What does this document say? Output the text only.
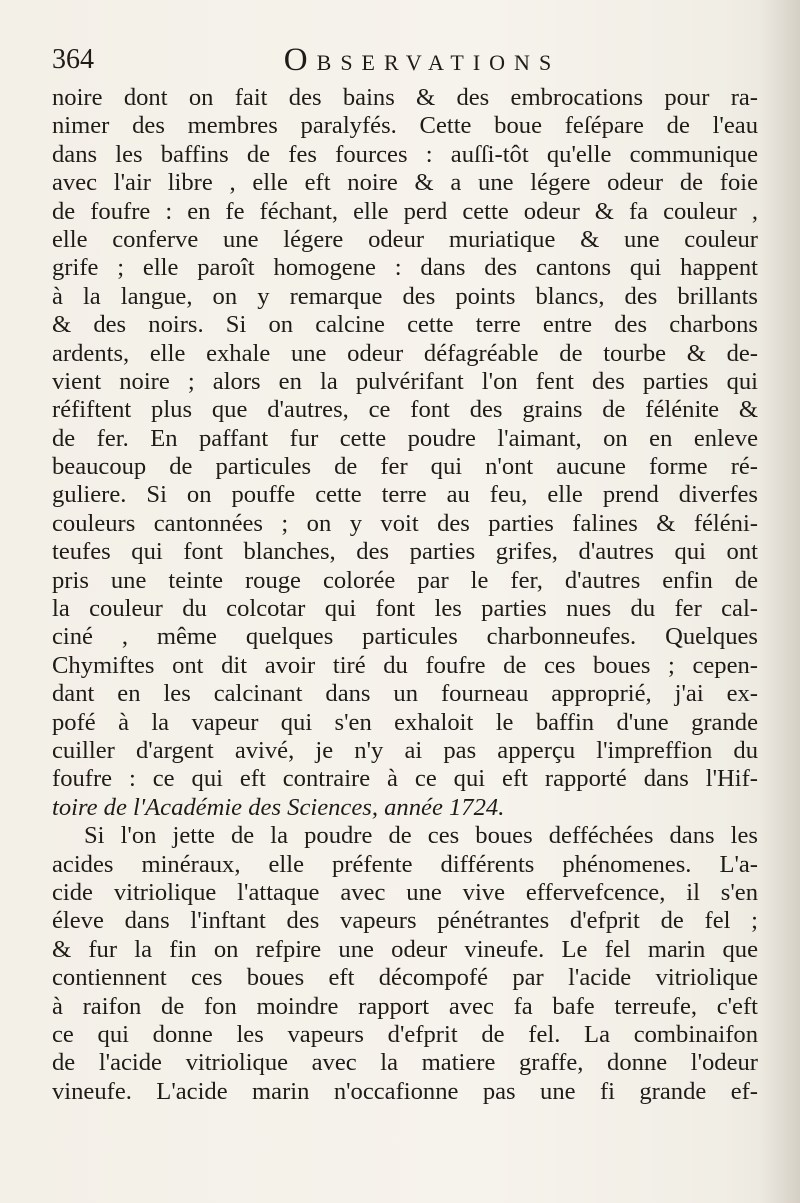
364	OBSERVATIONS
noire dont on fait des bains & des embrocations pour ra-
nimer des membres paralyfés. Cette boue feſépare de l'eau
dans les baffins de fes fources : auſſi-tôt qu'elle communique
avec l'air libre , elle eft noire & a une légere odeur de foie
de foufre : en fe féchant, elle perd cette odeur & fa couleur ,
elle conferve une légere odeur muriatique & une couleur
grife ; elle paroît homogene : dans des cantons qui happent
à la langue, on y remarque des points blancs, des brillants
& des noirs. Si on calcine cette terre entre des charbons
ardents, elle exhale une odeur défagréable de tourbe & de-
vient noire ; alors en la pulvérifant l'on fent des parties qui
réfiftent plus que d'autres, ce font des grains de félénite &
de fer. En paffant fur cette poudre l'aimant, on en enleve
beaucoup de particules de fer qui n'ont aucune forme ré-
guliere. Si on pouffe cette terre au feu, elle prend diverfes
couleurs cantonnées ; on y voit des parties falines & féléni-
teufes qui font blanches, des parties grifes, d'autres qui ont
pris une teinte rouge colorée par le fer, d'autres enfin de
la couleur du colcotar qui font les parties nues du fer cal-
ciné , même quelques particules charbonneufes. Quelques
Chymiftes ont dit avoir tiré du foufre de ces boues ; cepen-
dant en les calcinant dans un fourneau approprié, j'ai ex-
pofé à la vapeur qui s'en exhaloit le baffin d'une grande
cuiller d'argent avivé, je n'y ai pas apperçu l'impreffion du
foufre : ce qui eft contraire à ce qui eft rapporté dans l'Hif-
toire de l'Académie des Sciences, année 1724.
Si l'on jette de la poudre de ces boues defféchées dans les
acides minéraux, elle préfente différents phénomenes. L'a-
cide vitriolique l'attaque avec une vive effervefcence, il s'en
éleve dans l'inftant des vapeurs pénétrantes d'efprit de fel ;
& fur la fin on refpire une odeur vineufe. Le fel marin que
contiennent ces boues eft décompofé par l'acide vitriolique
à raifon de fon moindre rapport avec fa bafe terreufe, c'eft
ce qui donne les vapeurs d'efprit de fel. La combinaifon
de l'acide vitriolique avec la matiere graffe, donne l'odeur
vineufe. L'acide marin n'occafionne pas une fi grande ef-
